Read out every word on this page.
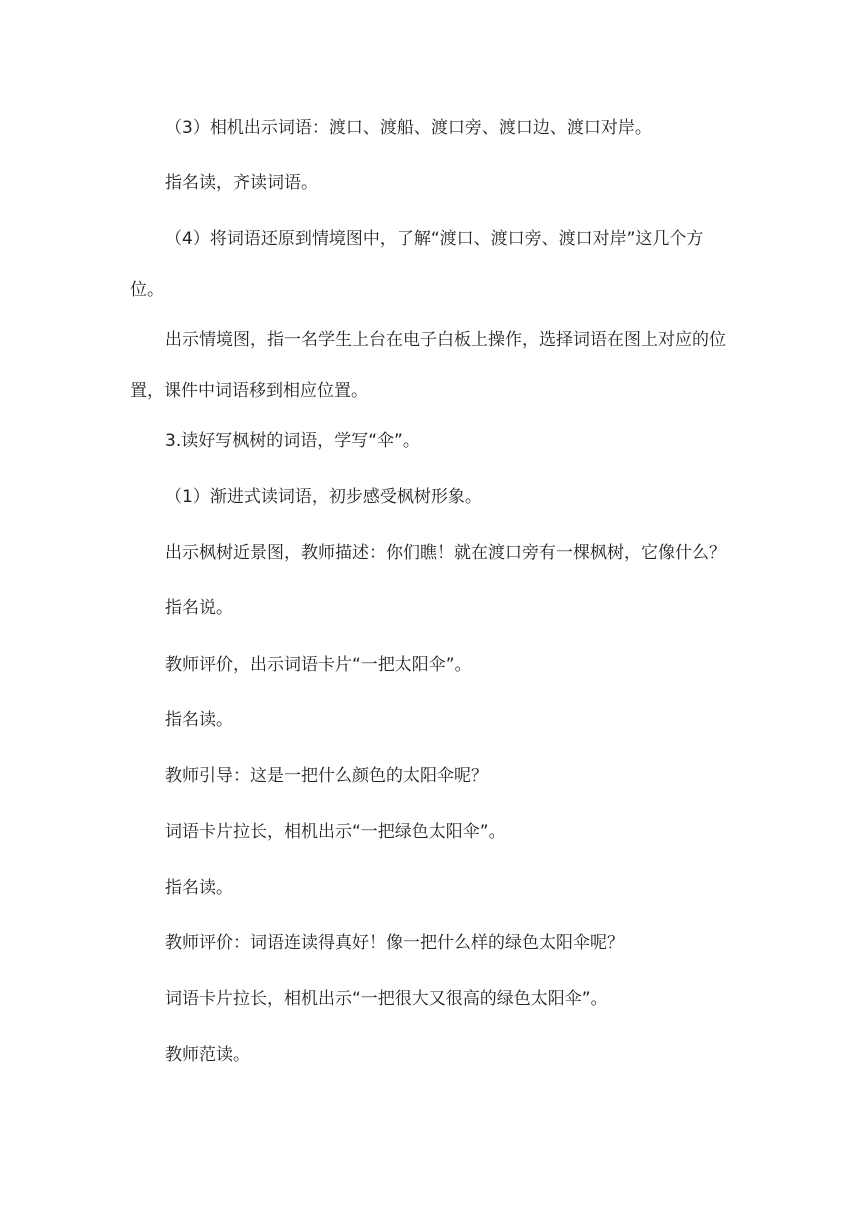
（3）相机出示词语：渡口、渡船、渡口旁、渡口边、渡口对岸。

指名读，齐读词语。

（4）将词语还原到情境图中，了解“渡口、渡口旁、渡口对岸”这几个方位。

出示情境图，指一名学生上台在电子白板上操作，选择词语在图上对应的位置，课件中词语移到相应位置。

3.读好写枫树的词语，学写“伞”。

（1）渐进式读词语，初步感受枫树形象。

出示枫树近景图，教师描述：你们瞧！就在渡口旁有一棵枫树，它像什么？

指名说。

教师评价，出示词语卡片“一把太阳伞”。

指名读。

教师引导：这是一把什么颜色的太阳伞呢？

词语卡片拉长，相机出示“一把绿色太阳伞”。

指名读。

教师评价：词语连读得真好！像一把什么样的绿色太阳伞呢？

词语卡片拉长，相机出示“一把很大又很高的绿色太阳伞”。

教师范读。
